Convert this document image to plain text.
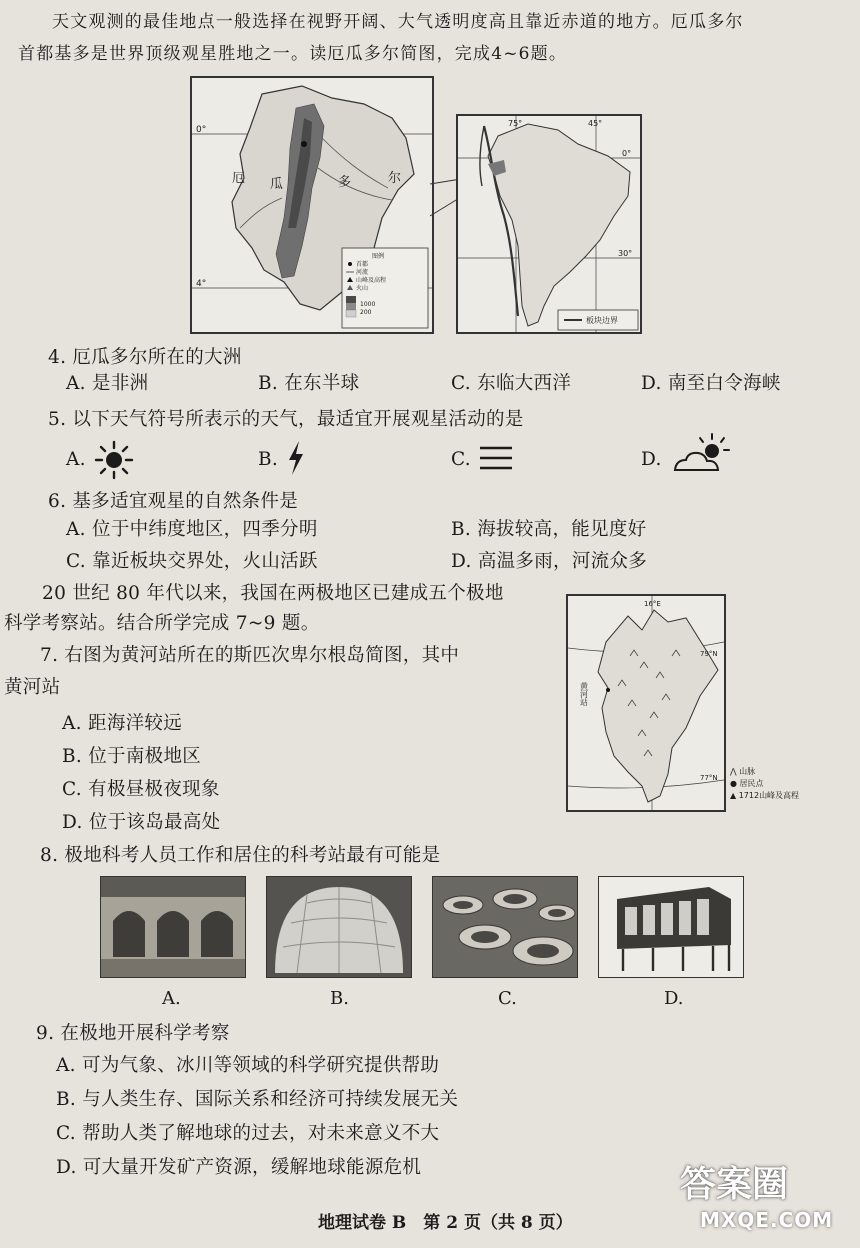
天文观测的最佳地点一般选择在视野开阔、大气透明度高且靠近赤道的地方。厄瓜多尔
首都基多是世界顶级观星胜地之一。读厄瓜多尔简图，完成4~6题。
0°
4°
厄 瓜	多	尔
图例
首都
河流
山峰及高程
火山
1000
200
75°	45°
0°
30°
板块边界
4. 厄瓜多尔所在的大洲
A. 是非洲	B. 在东半球	C. 东临大西洋	D. 南至白令海峡
5. 以下天气符号所表示的天气，最适宜开展观星活动的是
A.	B.	C.	D.
6. 基多适宜观星的自然条件是
A. 位于中纬度地区，四季分明	B. 海拔较高，能见度好
C. 靠近板块交界处，火山活跃	D. 高温多雨，河流众多
20 世纪 80 年代以来，我国在两极地区已建成五个极地
科学考察站。结合所学完成 7~9 题。
16°E
79°N
77°N
黄河站
⋀ 山脉
● 居民点
▲ 1712山峰及高程
7. 右图为黄河站所在的斯匹次卑尔根岛简图，其中
黄河站
A. 距海洋较远
B. 位于南极地区
C. 有极昼极夜现象
D. 位于该岛最高处
8. 极地科考人员工作和居住的科考站最有可能是
A.	B.	C.	D.
9. 在极地开展科学考察
A. 可为气象、冰川等领域的科学研究提供帮助
B. 与人类生存、国际关系和经济可持续发展无关
C. 帮助人类了解地球的过去，对未来意义不大
D. 可大量开发矿产资源，缓解地球能源危机
地理试卷 B　第 2 页（共 8 页）
答案圈
MXQE.COM
